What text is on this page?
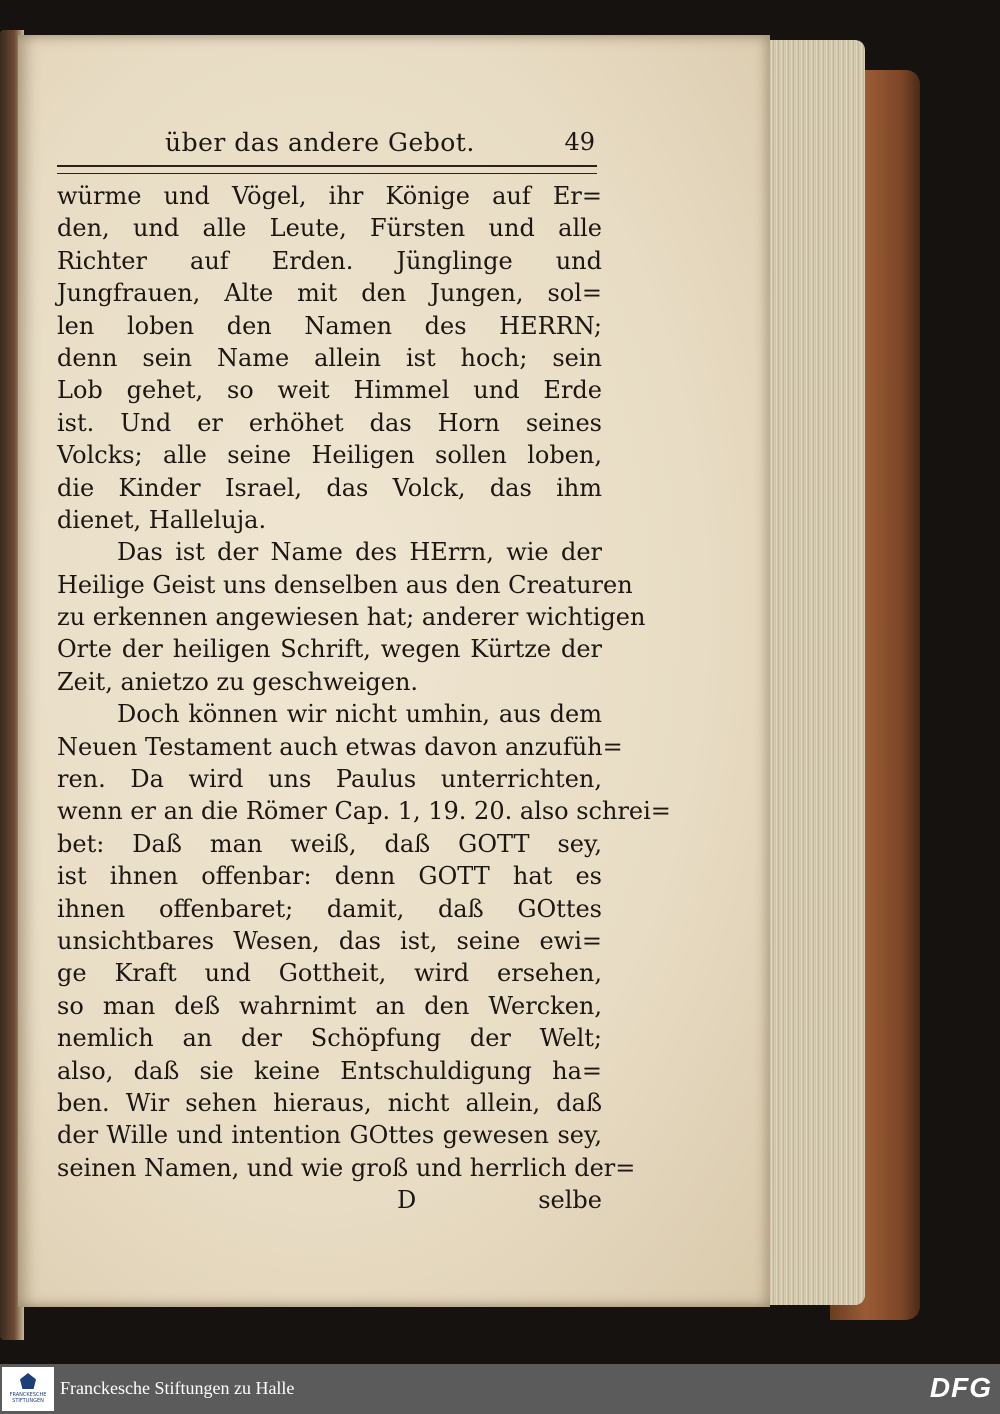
über das andere Gebot.	49
würme und Vögel, ihr Könige auf Er=
den, und alle Leute, Fürsten und alle
Richter auf Erden. Jünglinge und
Jungfrauen, Alte mit den Jungen, sol=
len loben den Namen des HERRN;
denn sein Name allein ist hoch; sein
Lob gehet, so weit Himmel und Erde
ist. Und er erhöhet das Horn seines
Volcks; alle seine Heiligen sollen loben,
die Kinder Israel, das Volck, das ihm
dienet, Halleluja.
Das ist der Name des HErrn, wie der
Heilige Geist uns denselben aus den Creaturen
zu erkennen angewiesen hat; anderer wichtigen
Orte der heiligen Schrift, wegen Kürtze der
Zeit, anietzo zu geschweigen.
Doch können wir nicht umhin, aus dem
Neuen Testament auch etwas davon anzufüh=
ren. Da wird uns Paulus unterrichten,
wenn er an die Römer Cap. 1, 19. 20. also schrei=
bet: Daß man weiß, daß GOTT sey,
ist ihnen offenbar: denn GOTT hat es
ihnen offenbaret; damit, daß GOttes
unsichtbares Wesen, das ist, seine ewi=
ge Kraft und Gottheit, wird ersehen,
so man deß wahrnimt an den Wercken,
nemlich an der Schöpfung der Welt;
also, daß sie keine Entschuldigung ha=
ben. Wir sehen hieraus, nicht allein, daß
der Wille und intention GOttes gewesen sey,
seinen Namen, und wie groß und herrlich der=
D	selbe
FRANCKESCHE STIFTUNGEN
Franckesche Stiftungen zu Halle	DFG
